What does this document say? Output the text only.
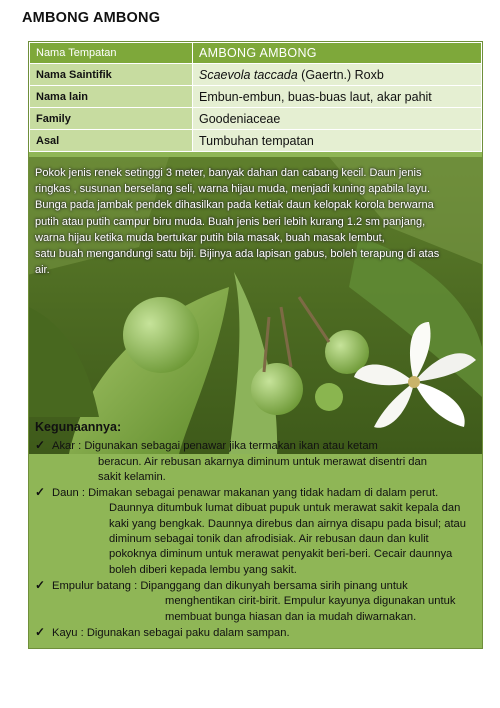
AMBONG AMBONG
Nama Tempatan	AMBONG AMBONG
Nama Saintifik	Scaevola taccada (Gaertn.) Roxb
Nama lain	Embun-embun, buas-buas laut, akar pahit
Family	Goodeniaceae
Asal	Tumbuhan tempatan
Pokok jenis renek setinggi 3 meter, banyak dahan dan cabang kecil. Daun jenis
ringkas , susunan berselang seli, warna hijau muda, menjadi kuning apabila layu.
Bunga pada jambak pendek dihasilkan pada ketiak daun kelopak korola berwarna
putih atau putih campur biru muda. Buah jenis beri lebih kurang 1.2 sm panjang,
warna hijau ketika muda bertukar putih bila masak, buah masak lembut,
satu buah mengandungi satu biji. Bijinya ada lapisan gabus, boleh terapung di atas
air.
Kegunaannya:
✓ Akar : Digunakan sebagai penawar jika termakan ikan atau ketam
beracun. Air rebusan akarnya diminum untuk merawat disentri dan
sakit kelamin.
✓ Daun : Dimakan sebagai penawar makanan yang tidak hadam di dalam perut.
Daunnya ditumbuk lumat dibuat pupuk untuk merawat sakit kepala dan
kaki yang bengkak. Daunnya direbus dan airnya disapu pada bisul; atau
diminum sebagai tonik dan afrodisiak. Air rebusan daun dan kulit
pokoknya diminum untuk merawat penyakit beri-beri. Cecair daunnya
boleh diberi kepada lembu yang sakit.
✓ Empulur batang : Dipanggang dan dikunyah bersama sirih pinang untuk
menghentikan cirit-birit. Empulur kayunya digunakan untuk
membuat bunga hiasan dan ia mudah diwarnakan.
✓ Kayu : Digunakan sebagai paku dalam sampan.
